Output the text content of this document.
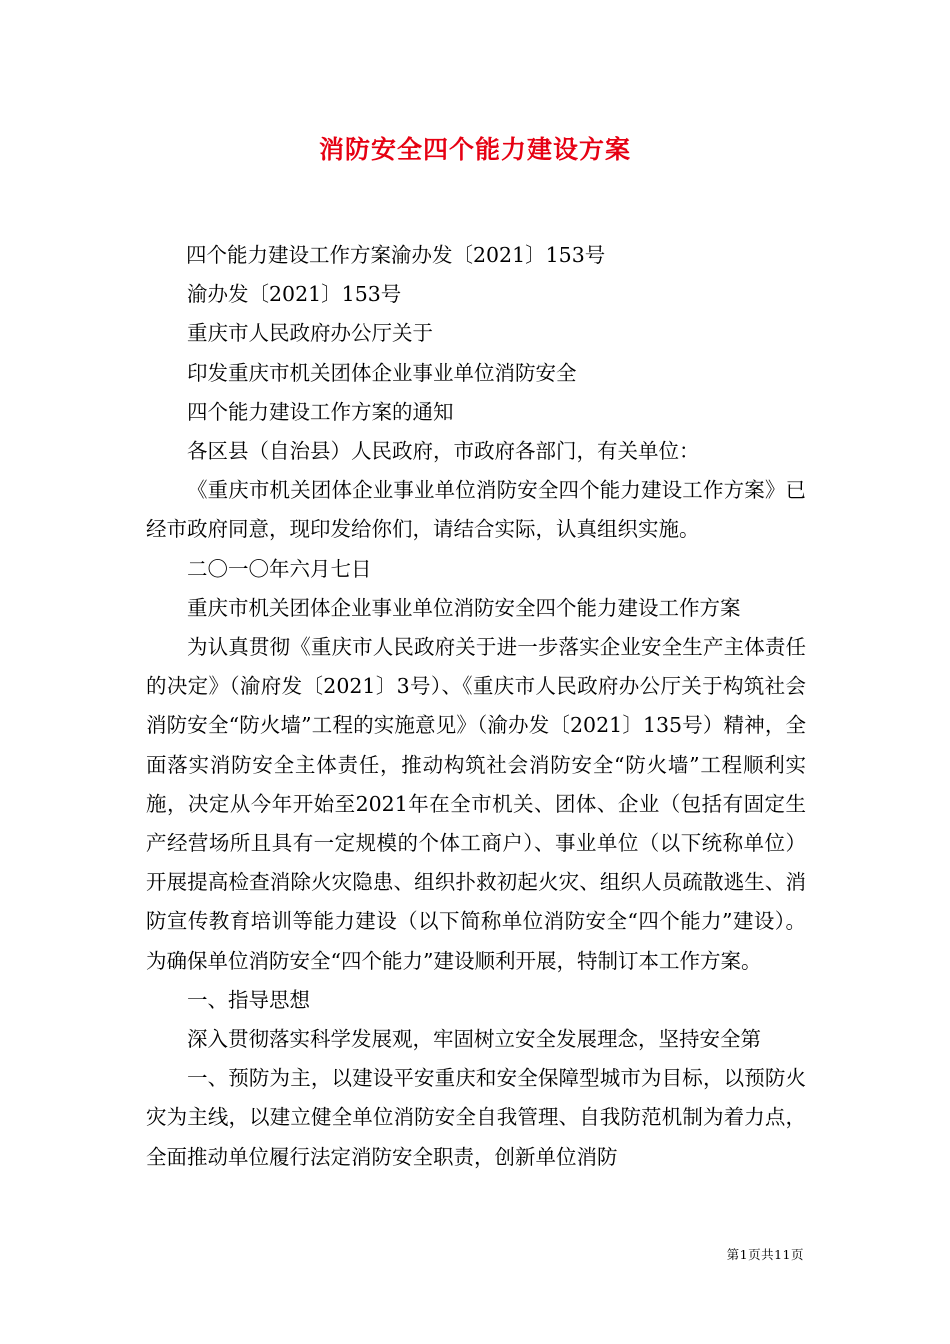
消防安全四个能力建设方案

四个能力建设工作方案渝办发〔2021〕153号

渝办发〔2021〕153号

重庆市人民政府办公厅关于

印发重庆市机关团体企业事业单位消防安全

四个能力建设工作方案的通知

各区县（自治县）人民政府，市政府各部门，有关单位：

《重庆市机关团体企业事业单位消防安全四个能力建设工作方案》已经市政府同意，现印发给你们，请结合实际，认真组织实施。

二〇一〇年六月七日

重庆市机关团体企业事业单位消防安全四个能力建设工作方案

为认真贯彻《重庆市人民政府关于进一步落实企业安全生产主体责任的决定》（渝府发〔2021〕3号）、《重庆市人民政府办公厅关于构筑社会消防安全“防火墙”工程的实施意见》（渝办发〔2021〕135号）精神，全面落实消防安全主体责任，推动构筑社会消防安全“防火墙”工程顺利实施，决定从今年开始至2021年在全市机关、团体、企业（包括有固定生产经营场所且具有一定规模的个体工商户）、事业单位（以下统称单位）开展提高检查消除火灾隐患、组织扑救初起火灾、组织人员疏散逃生、消防宣传教育培训等能力建设（以下简称单位消防安全“四个能力”建设）。为确保单位消防安全“四个能力”建设顺利开展，特制订本工作方案。

一、指导思想

深入贯彻落实科学发展观，牢固树立安全发展理念，坚持安全第

一、预防为主，以建设平安重庆和安全保障型城市为目标，以预防火灾为主线，以建立健全单位消防安全自我管理、自我防范机制为着力点，全面推动单位履行法定消防安全职责，创新单位消防

第1页共11页
